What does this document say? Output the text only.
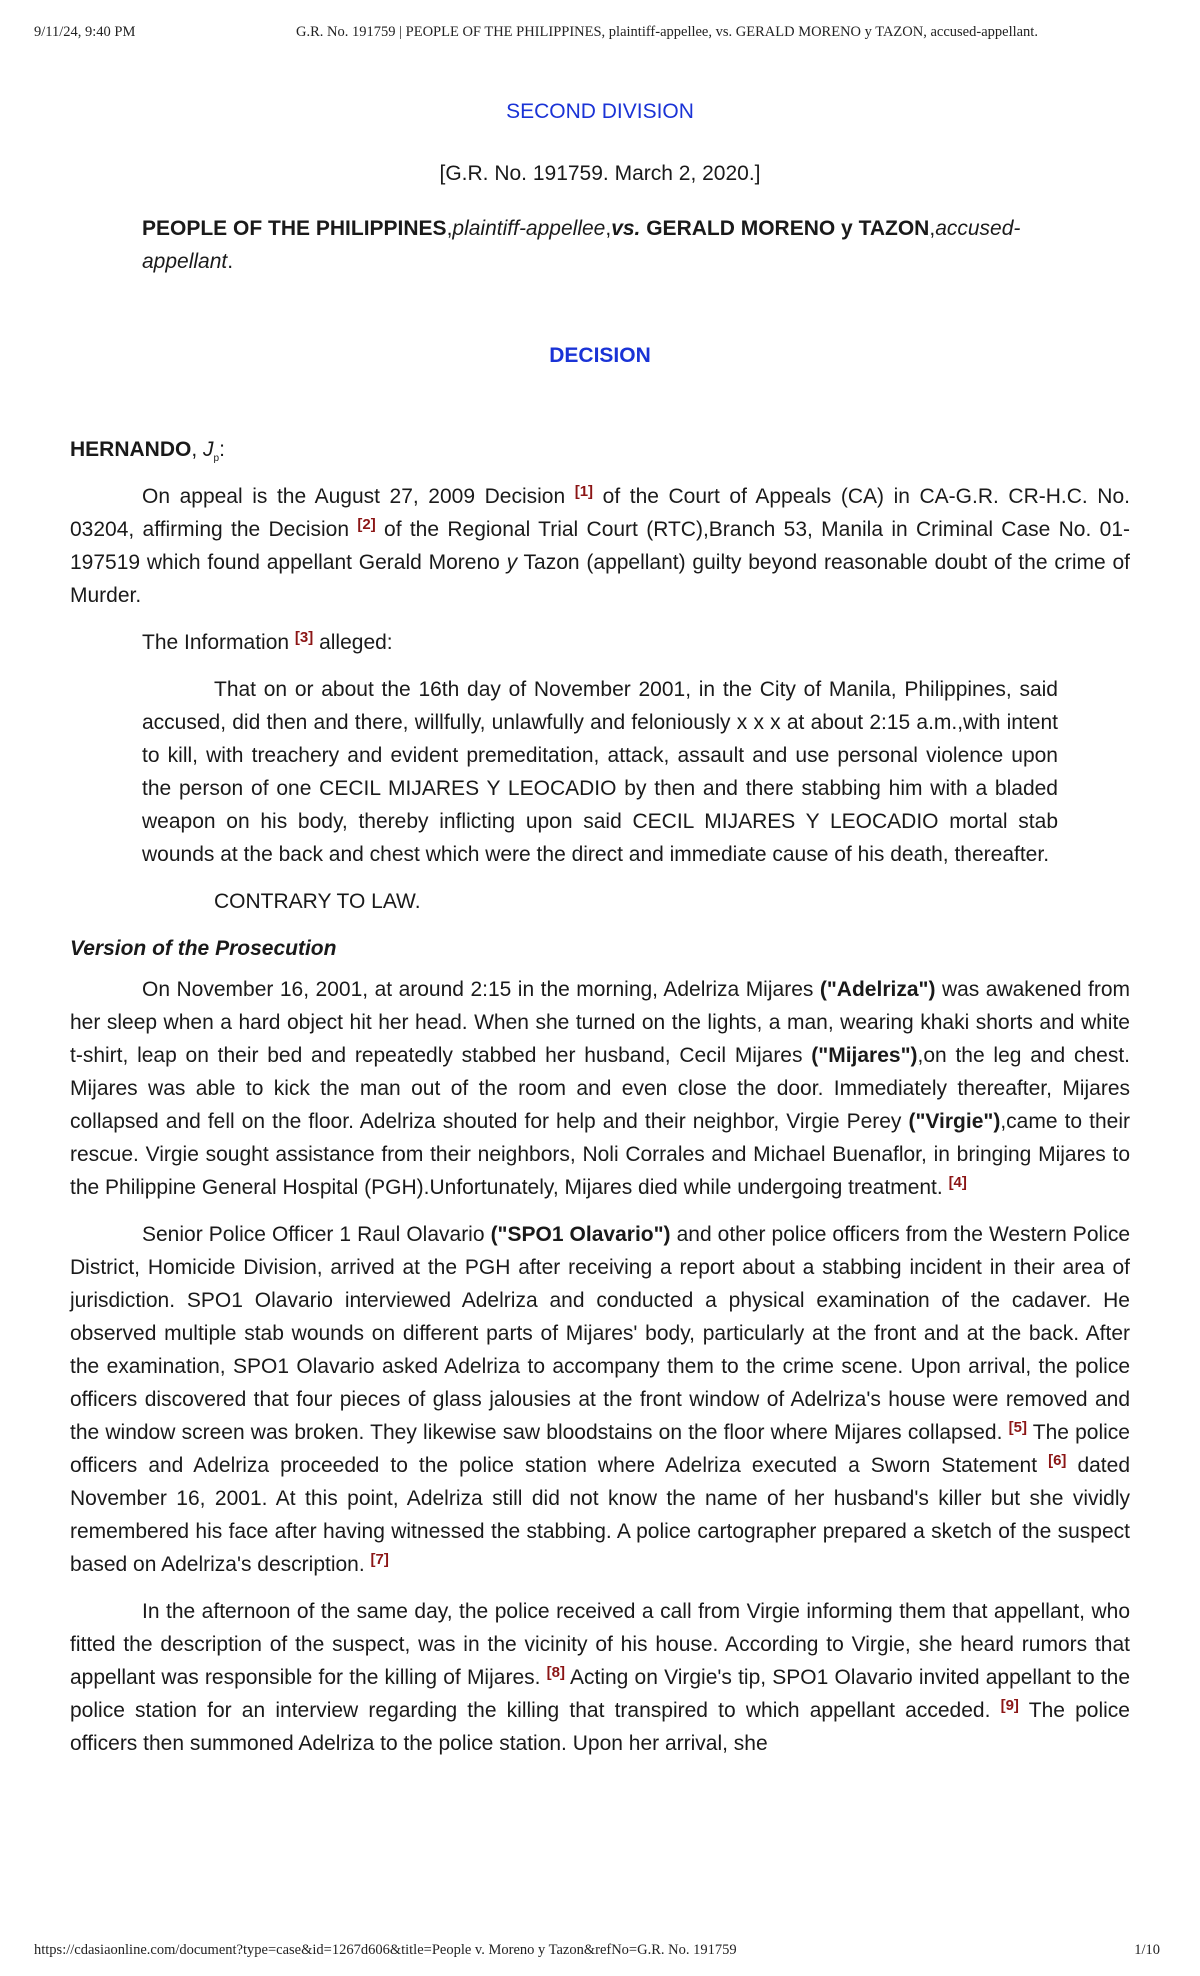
9/11/24, 9:40 PM	G.R. No. 191759 | PEOPLE OF THE PHILIPPINES, plaintiff-appellee, vs. GERALD MORENO y TAZON, accused-appellant.
SECOND DIVISION
[G.R. No. 191759. March 2, 2020.]
PEOPLE OF THE PHILIPPINES,plaintiff-appellee,vs. GERALD MORENO y TAZON,accused-appellant.
DECISION
HERNANDO, $J_p$:

On appeal is the August 27, 2009 Decision [1] of the Court of Appeals (CA) in CA-G.R. CR-H.C. No. 03204, affirming the Decision [2] of the Regional Trial Court (RTC),Branch 53, Manila in Criminal Case No. 01-197519 which found appellant Gerald Moreno y Tazon (appellant) guilty beyond reasonable doubt of the crime of Murder.

The Information [3] alleged:

That on or about the 16th day of November 2001, in the City of Manila, Philippines, said accused, did then and there, willfully, unlawfully and feloniously x x x at about 2:15 a.m.,with intent to kill, with treachery and evident premeditation, attack, assault and use personal violence upon the person of one CECIL MIJARES Y LEOCADIO by then and there stabbing him with a bladed weapon on his body, thereby inflicting upon said CECIL MIJARES Y LEOCADIO mortal stab wounds at the back and chest which were the direct and immediate cause of his death, thereafter.

CONTRARY TO LAW.

Version of the Prosecution

On November 16, 2001, at around 2:15 in the morning, Adelriza Mijares ("Adelriza") was awakened from her sleep when a hard object hit her head. When she turned on the lights, a man, wearing khaki shorts and white t-shirt, leap on their bed and repeatedly stabbed her husband, Cecil Mijares ("Mijares"),on the leg and chest. Mijares was able to kick the man out of the room and even close the door. Immediately thereafter, Mijares collapsed and fell on the floor. Adelriza shouted for help and their neighbor, Virgie Perey ("Virgie"),came to their rescue. Virgie sought assistance from their neighbors, Noli Corrales and Michael Buenaflor, in bringing Mijares to the Philippine General Hospital (PGH).Unfortunately, Mijares died while undergoing treatment. [4]

Senior Police Officer 1 Raul Olavario ("SPO1 Olavario") and other police officers from the Western Police District, Homicide Division, arrived at the PGH after receiving a report about a stabbing incident in their area of jurisdiction. SPO1 Olavario interviewed Adelriza and conducted a physical examination of the cadaver. He observed multiple stab wounds on different parts of Mijares' body, particularly at the front and at the back. After the examination, SPO1 Olavario asked Adelriza to accompany them to the crime scene. Upon arrival, the police officers discovered that four pieces of glass jalousies at the front window of Adelriza's house were removed and the window screen was broken. They likewise saw bloodstains on the floor where Mijares collapsed. [5] The police officers and Adelriza proceeded to the police station where Adelriza executed a Sworn Statement [6] dated November 16, 2001. At this point, Adelriza still did not know the name of her husband's killer but she vividly remembered his face after having witnessed the stabbing. A police cartographer prepared a sketch of the suspect based on Adelriza's description. [7]

In the afternoon of the same day, the police received a call from Virgie informing them that appellant, who fitted the description of the suspect, was in the vicinity of his house. According to Virgie, she heard rumors that appellant was responsible for the killing of Mijares. [8] Acting on Virgie's tip, SPO1 Olavario invited appellant to the police station for an interview regarding the killing that transpired to which appellant acceded. [9] The police officers then summoned Adelriza to the police station. Upon her arrival, she

https://cdasiaonline.com/document?type=case&id=1267d606&title=People v. Moreno y Tazon&refNo=G.R. No. 191759	1/10
